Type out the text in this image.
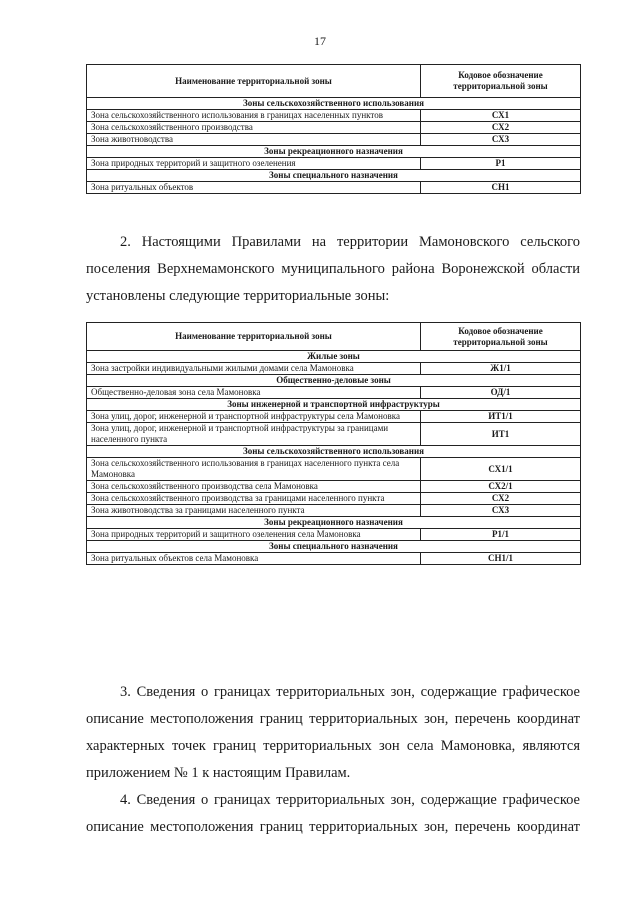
17
Наименование территориальной зоны	Кодовое обозначение территориальной зоны
Зоны сельскохозяйственного использования	
Зона сельскохозяйственного использования в границах населенных пунктов	СХ1
Зона сельскохозяйственного производства	СХ2
Зона животноводства	СХ3
Зоны рекреационного назначения	
Зона природных территорий и защитного озеленения	Р1
Зоны специального назначения	
Зона ритуальных объектов	СН1

2. Настоящими Правилами на территории Мамоновского сельского

поселения Верхнемамонского муниципального района Воронежской области

установлены следующие территориальные зоны:

Наименование территориальной зоны	Кодовое обозначение территориальной зоны
Жилые зоны	
Зона застройки индивидуальными жилыми домами села Мамоновка	Ж1/1
Общественно-деловые зоны	
Общественно-деловая зона села Мамоновка	ОД/1
Зоны инженерной и транспортной инфраструктуры	
Зона улиц, дорог, инженерной и транспортной инфраструктуры села Мамоновка	ИТ1/1
Зона улиц, дорог, инженерной и транспортной инфраструктуры за границами населенного пункта	ИТ1
Зоны сельскохозяйственного использования	
Зона сельскохозяйственного использования в границах населенного пункта села Мамоновка	СХ1/1
Зона сельскохозяйственного производства села Мамоновка	СХ2/1
Зона сельскохозяйственного производства за границами населенного пункта	СХ2
Зона животноводства за границами населенного пункта	СХ3
Зоны рекреационного назначения	
Зона природных территорий и защитного озеленения села Мамоновка	Р1/1
Зоны специального назначения	
Зона ритуальных объектов села Мамоновка	СН1/1

3. Сведения о границах территориальных зон, содержащие графическое

описание местоположения границ территориальных зон, перечень координат

характерных точек границ территориальных зон села Мамоновка, являются

приложением № 1 к настоящим Правилам.

4. Сведения о границах территориальных зон, содержащие графическое

описание местоположения границ территориальных зон, перечень координат
